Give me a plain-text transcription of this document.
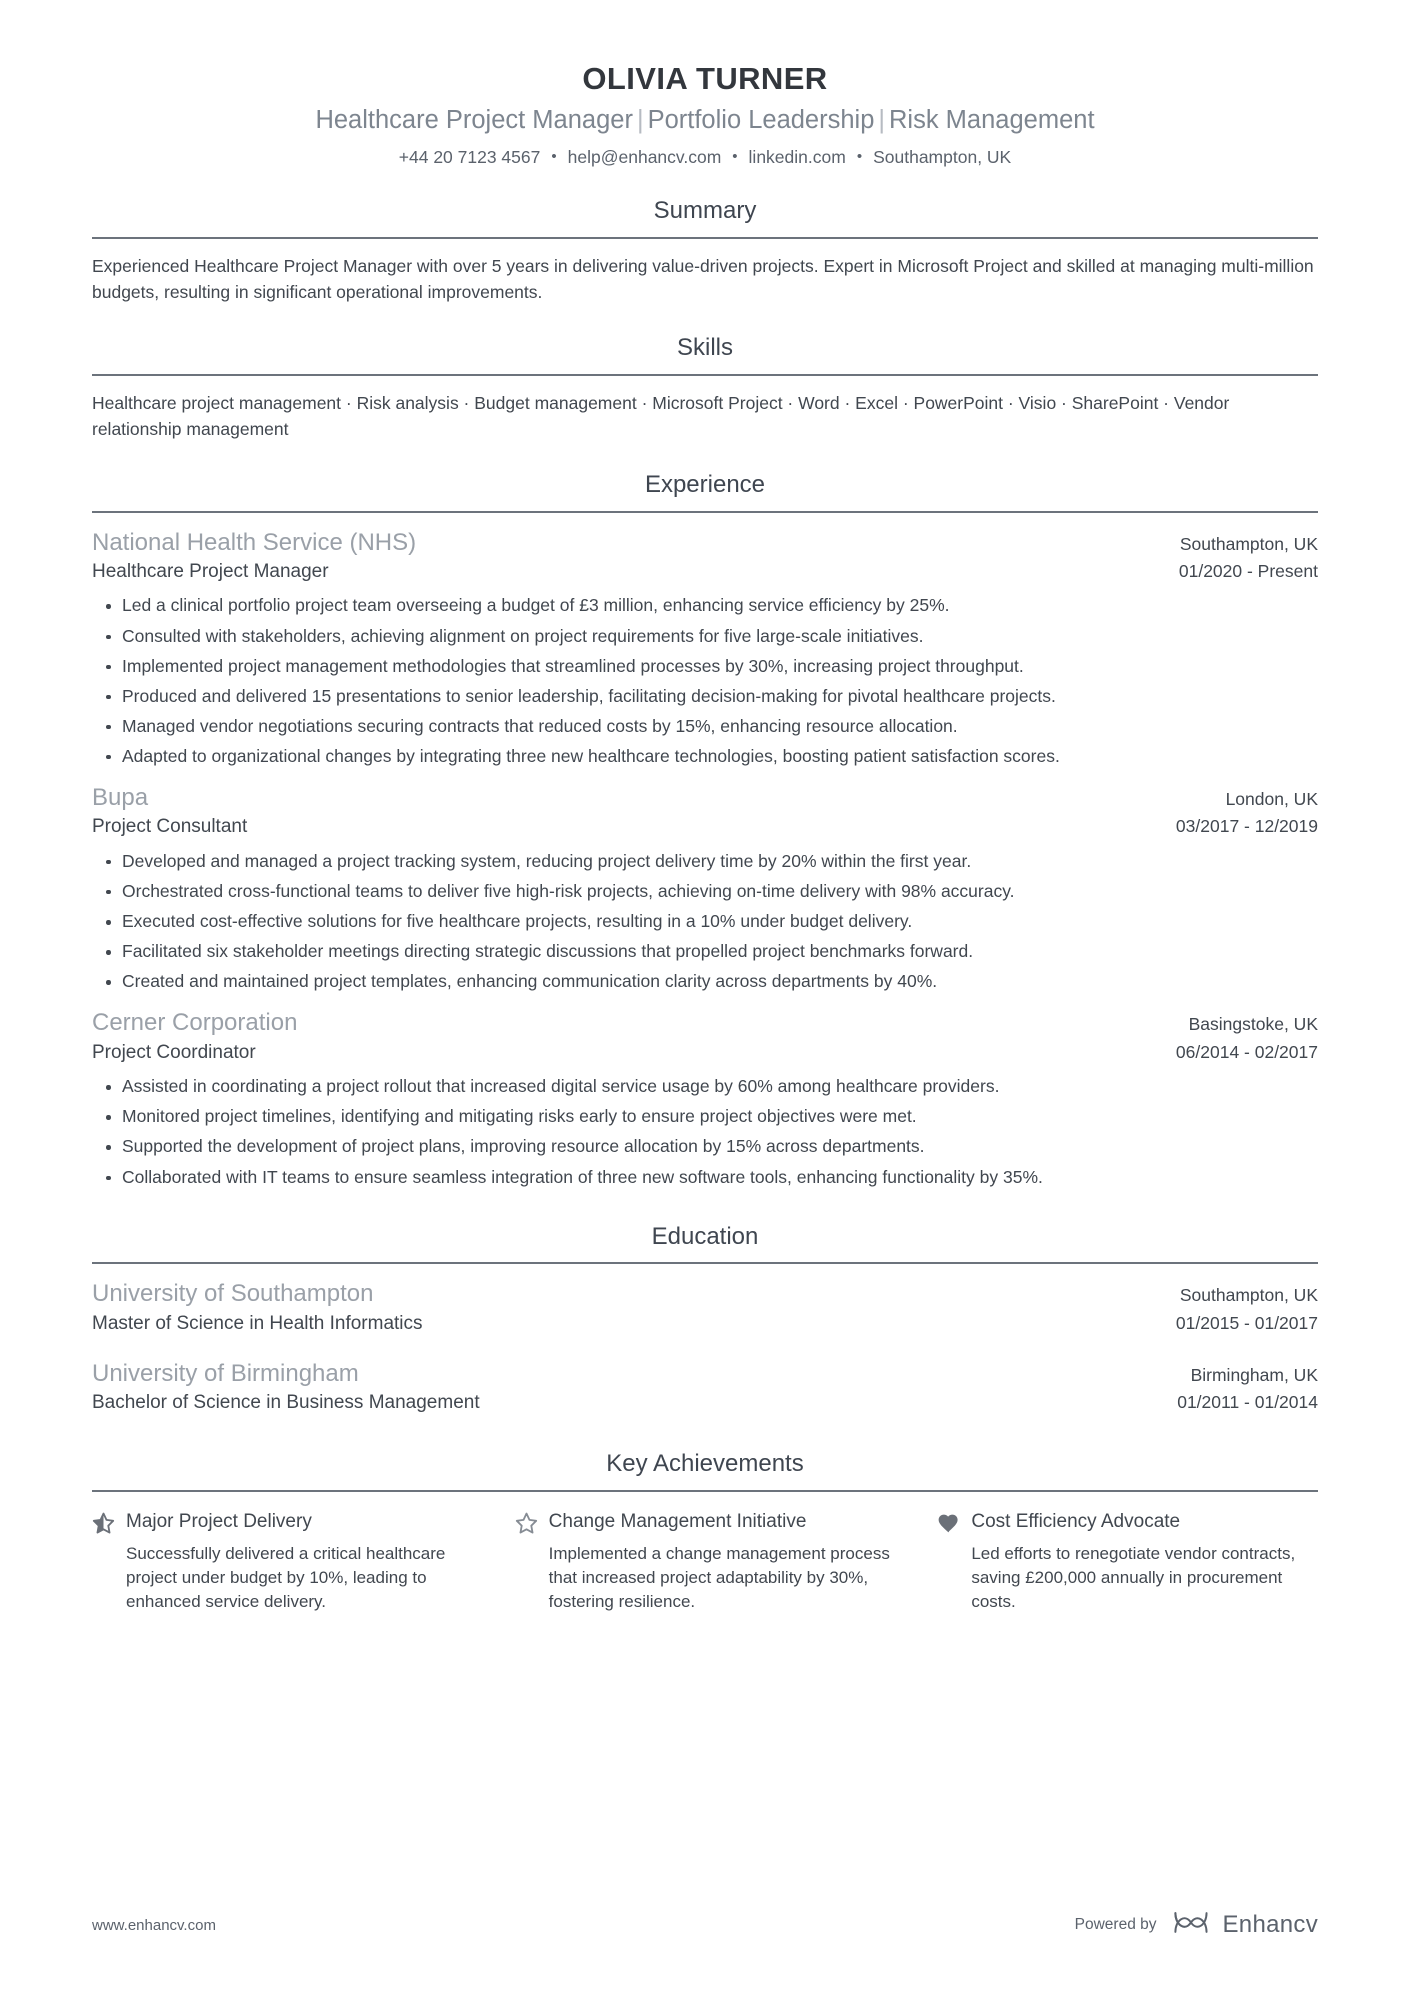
OLIVIA TURNER
Healthcare Project Manager | Portfolio Leadership | Risk Management
+44 20 7123 4567 • help@enhancv.com • linkedin.com • Southampton, UK
Summary
Experienced Healthcare Project Manager with over 5 years in delivering value-driven projects. Expert in Microsoft Project and skilled at managing multi-million budgets, resulting in significant operational improvements.
Skills
Healthcare project management · Risk analysis · Budget management · Microsoft Project · Word · Excel · PowerPoint · Visio · SharePoint · Vendor relationship management
Experience
National Health Service (NHS)	Southampton, UK
Healthcare Project Manager	01/2020 - Present
Led a clinical portfolio project team overseeing a budget of £3 million, enhancing service efficiency by 25%.
Consulted with stakeholders, achieving alignment on project requirements for five large-scale initiatives.
Implemented project management methodologies that streamlined processes by 30%, increasing project throughput.
Produced and delivered 15 presentations to senior leadership, facilitating decision-making for pivotal healthcare projects.
Managed vendor negotiations securing contracts that reduced costs by 15%, enhancing resource allocation.
Adapted to organizational changes by integrating three new healthcare technologies, boosting patient satisfaction scores.
Bupa	London, UK
Project Consultant	03/2017 - 12/2019
Developed and managed a project tracking system, reducing project delivery time by 20% within the first year.
Orchestrated cross-functional teams to deliver five high-risk projects, achieving on-time delivery with 98% accuracy.
Executed cost-effective solutions for five healthcare projects, resulting in a 10% under budget delivery.
Facilitated six stakeholder meetings directing strategic discussions that propelled project benchmarks forward.
Created and maintained project templates, enhancing communication clarity across departments by 40%.
Cerner Corporation	Basingstoke, UK
Project Coordinator	06/2014 - 02/2017
Assisted in coordinating a project rollout that increased digital service usage by 60% among healthcare providers.
Monitored project timelines, identifying and mitigating risks early to ensure project objectives were met.
Supported the development of project plans, improving resource allocation by 15% across departments.
Collaborated with IT teams to ensure seamless integration of three new software tools, enhancing functionality by 35%.
Education
University of Southampton	Southampton, UK
Master of Science in Health Informatics	01/2015 - 01/2017
University of Birmingham	Birmingham, UK
Bachelor of Science in Business Management	01/2011 - 01/2014
Key Achievements
Major Project Delivery
Successfully delivered a critical healthcare project under budget by 10%, leading to enhanced service delivery.
Change Management Initiative
Implemented a change management process that increased project adaptability by 30%, fostering resilience.
Cost Efficiency Advocate
Led efforts to renegotiate vendor contracts, saving £200,000 annually in procurement costs.
www.enhancv.com	Powered by	Enhancv
